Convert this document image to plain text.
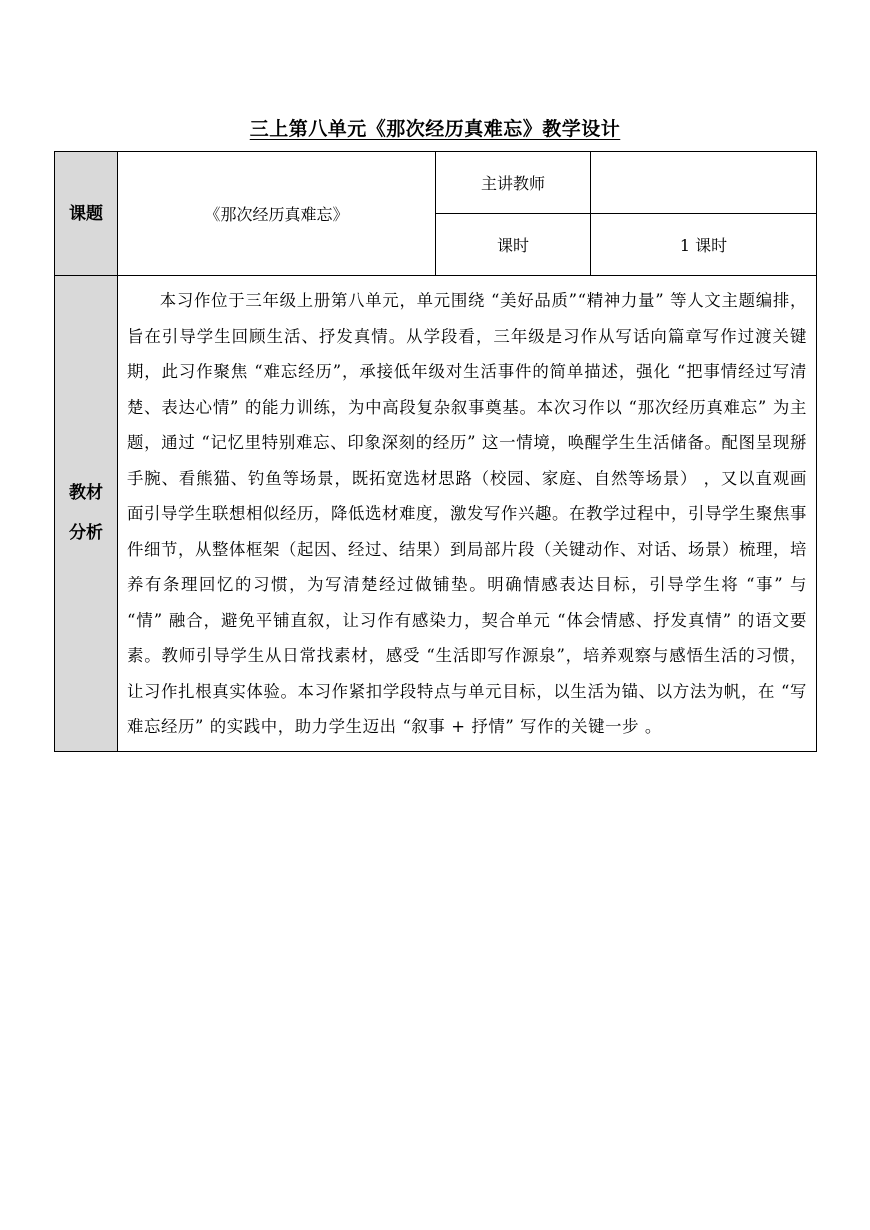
三上第八单元《那次经历真难忘》教学设计
课题	《那次经历真难忘》	主讲教师	
		课时	1 课时

教材
分析	本习作位于三年级上册第八单元，单元围绕 “美好品质”“精神力量” 等人文主题编排，旨在引导学生回顾生活、抒发真情。从学段看，三年级是习作从写话向篇章写作过渡关键期，此习作聚焦 “难忘经历”，承接低年级对生活事件的简单描述，强化 “把事情经过写清楚、表达心情” 的能力训练，为中高段复杂叙事奠基。本次习作以 “那次经历真难忘” 为主题，通过 “记忆里特别难忘、印象深刻的经历” 这一情境，唤醒学生生活储备。配图呈现掰手腕、看熊猫、钓鱼等场景，既拓宽选材思路（校园、家庭、自然等场景） ，又以直观画面引导学生联想相似经历，降低选材难度，激发写作兴趣。在教学过程中，引导学生聚焦事件细节，从整体框架（起因、经过、结果）到局部片段（关键动作、对话、场景）梳理，培养有条理回忆的习惯，为写清楚经过做铺垫。明确情感表达目标，引导学生将 “事” 与 “情” 融合，避免平铺直叙，让习作有感染力，契合单元 “体会情感、抒发真情” 的语文要素。教师引导学生从日常找素材，感受 “生活即写作源泉”，培养观察与感悟生活的习惯，让习作扎根真实体验。本习作紧扣学段特点与单元目标，以生活为锚、以方法为帆，在 “写难忘经历” 的实践中，助力学生迈出 “叙事 + 抒情” 写作的关键一步 。		
